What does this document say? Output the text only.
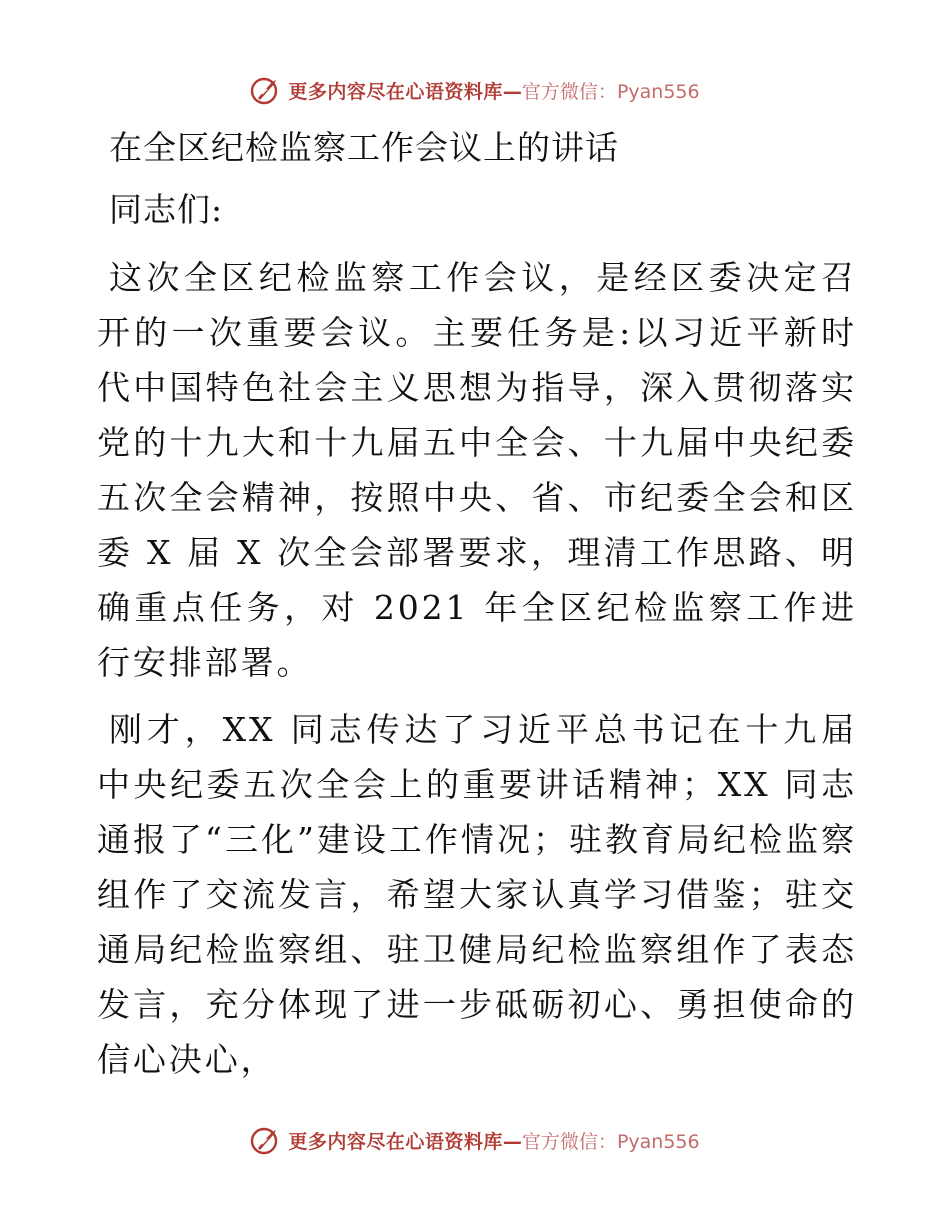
更多内容尽在心语资料库—官方微信：Pyan556
在全区纪检监察工作会议上的讲话

同志们:

这次全区纪检监察工作会议，是经区委决定召开的一次重要会议。主要任务是:以习近平新时代中国特色社会主义思想为指导，深入贯彻落实党的十九大和十九届五中全会、十九届中央纪委五次全会精神，按照中央、省、市纪委全会和区委 X 届 X 次全会部署要求，理清工作思路、明确重点任务，对 2021 年全区纪检监察工作进行安排部署。

刚才，XX 同志传达了习近平总书记在十九届中央纪委五次全会上的重要讲话精神；XX 同志通报了“三化”建设工作情况；驻教育局纪检监察组作了交流发言，希望大家认真学习借鉴；驻交通局纪检监察组、驻卫健局纪检监察组作了表态发言，充分体现了进一步砥砺初心、勇担使命的信心决心，

更多内容尽在心语资料库—官方微信：Pyan556
